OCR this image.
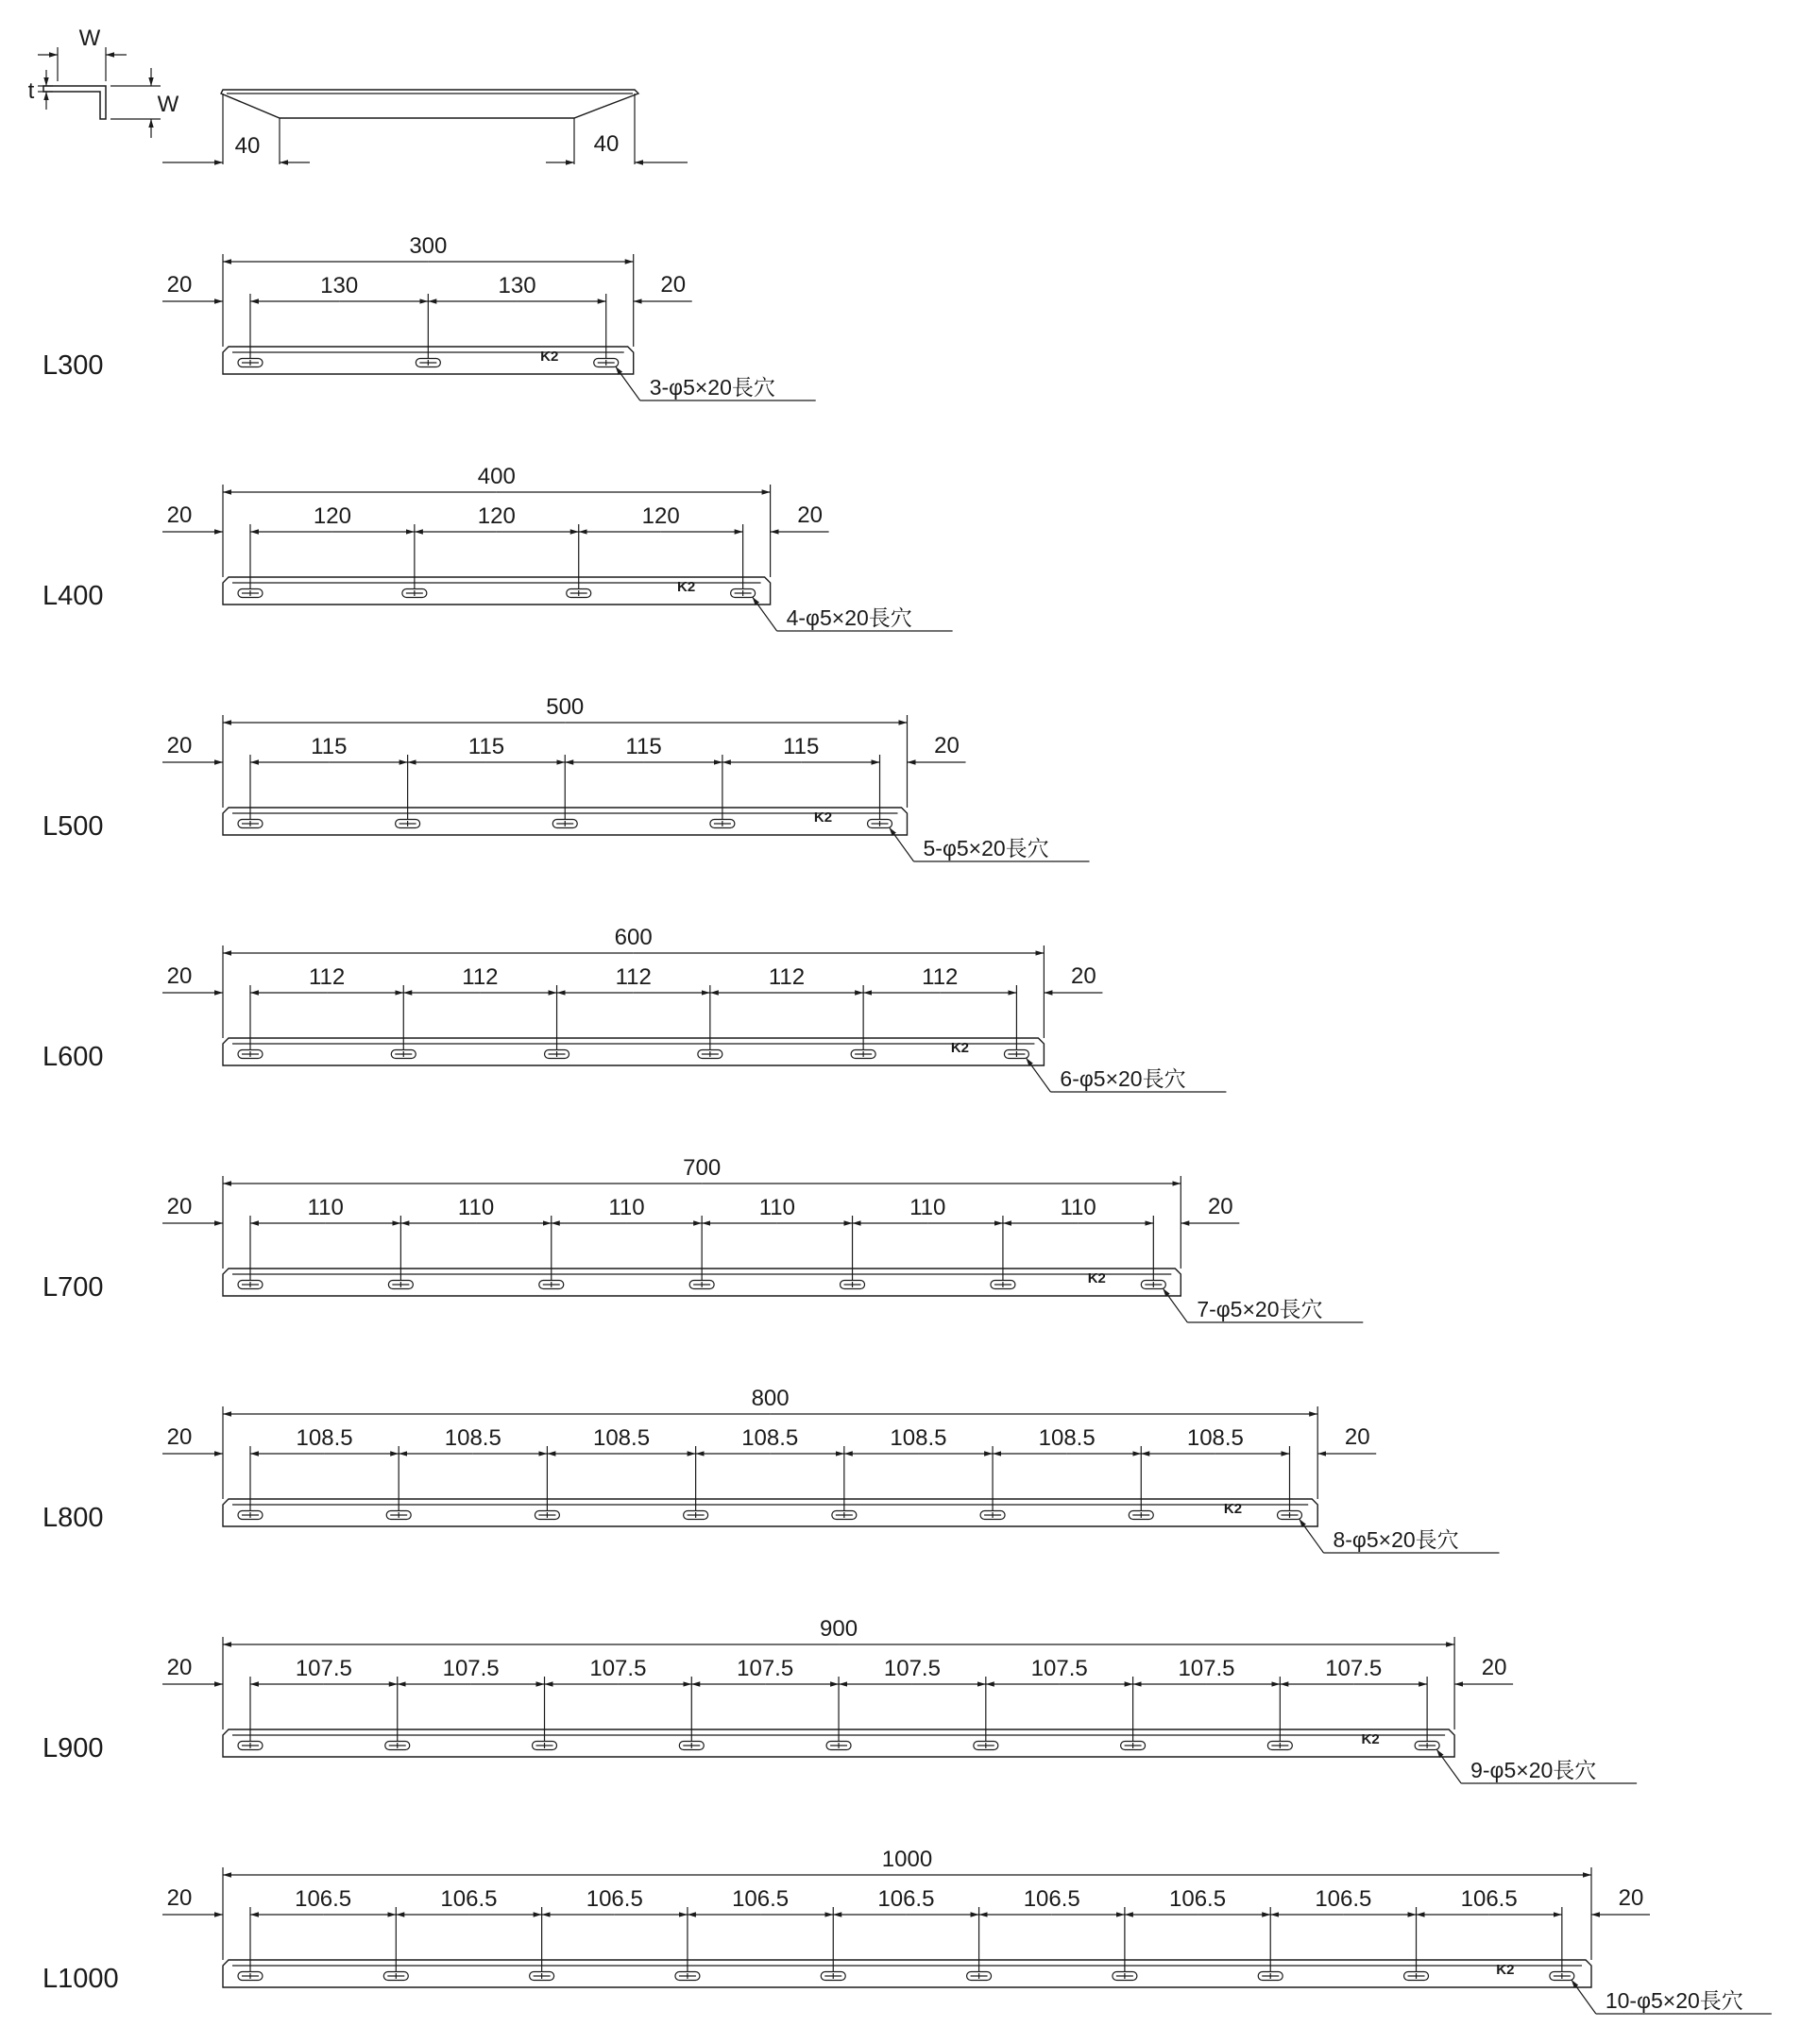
W
t
W
40	40
L300
300
20	20
130	130
K2
3-φ5×20長穴
L400
400
20	20
120	120	120
K2
4-φ5×20長穴
L500
500
20	20
115	115	115	115
K2
5-φ5×20長穴
L600
600
20	20
112	112	112	112	112
K2
6-φ5×20長穴
L700
700
20	20
110	110	110	110	110	110
K2
7-φ5×20長穴
L800
800
20	20
108.5	108.5	108.5	108.5	108.5	108.5	108.5
K2
8-φ5×20長穴
L900
900
20	20
107.5	107.5	107.5	107.5	107.5	107.5	107.5	107.5
K2
9-φ5×20長穴
L1000
1000
20	20
106.5	106.5	106.5	106.5	106.5	106.5	106.5	106.5	106.5
K2
10-φ5×20長穴
